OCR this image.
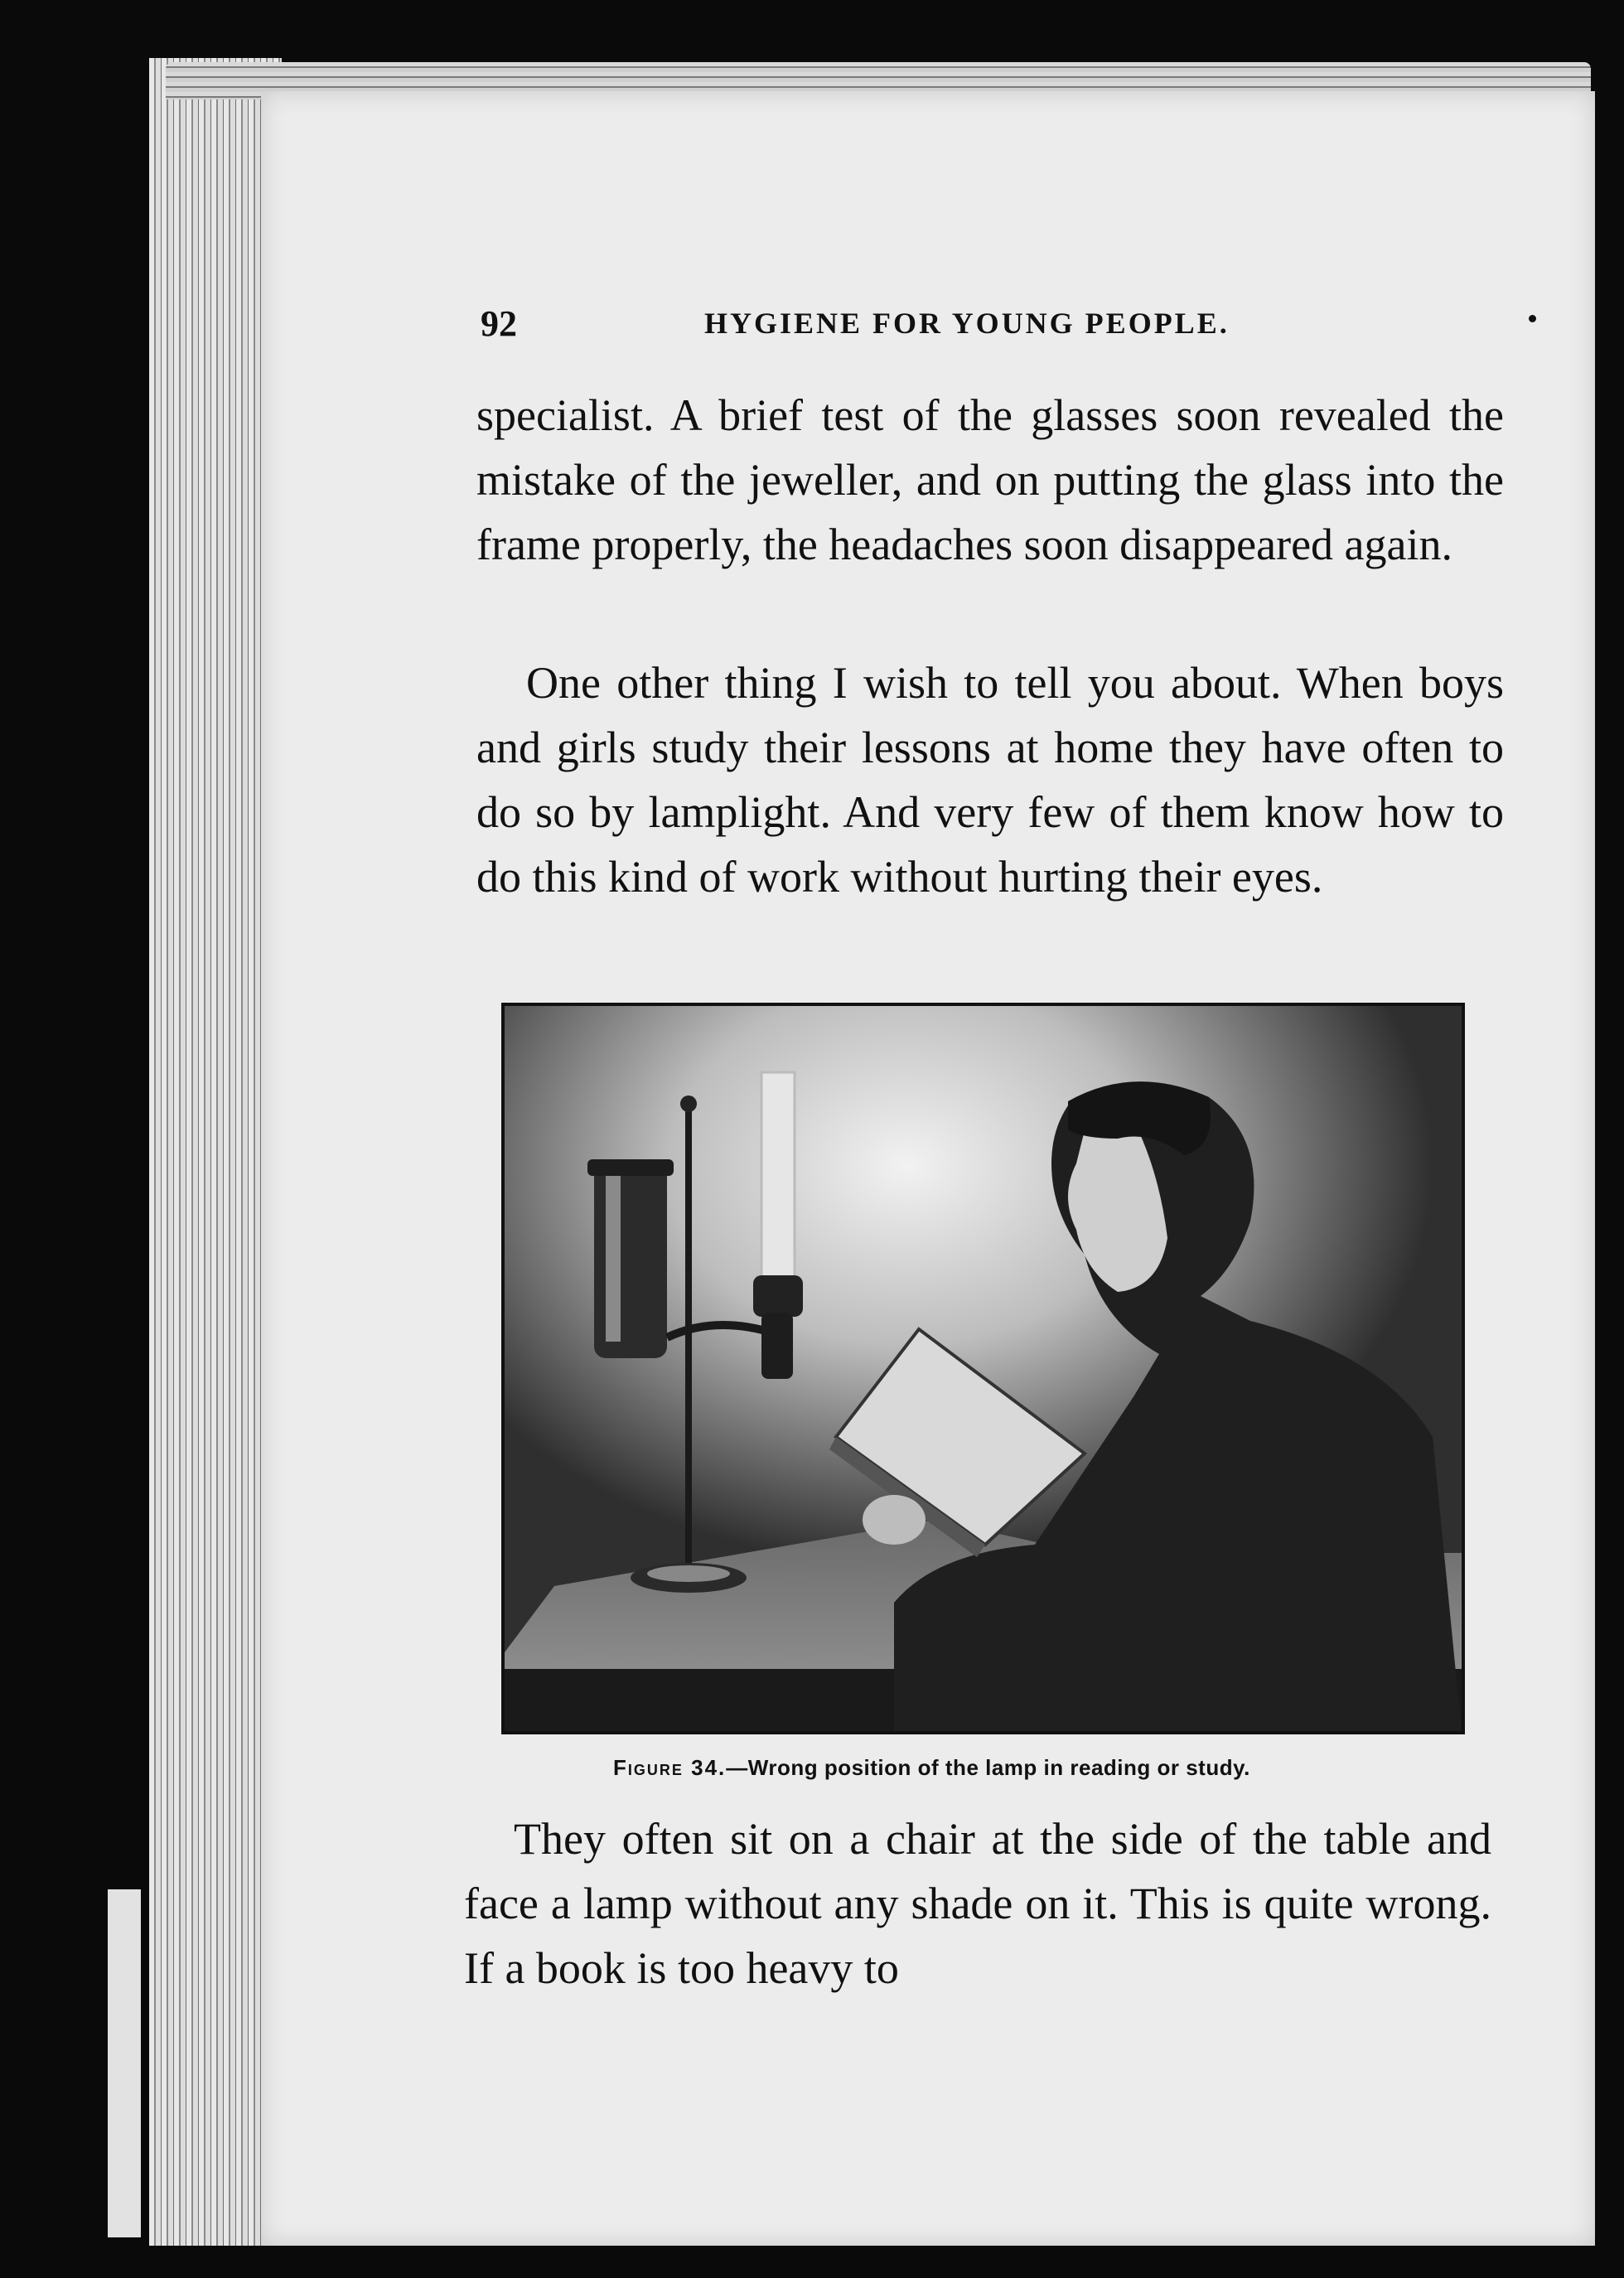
92	HYGIENE FOR YOUNG PEOPLE.

specialist. A brief test of the glasses soon revealed the mistake of the jeweller, and on putting the glass into the frame properly, the headaches soon disappeared again.

One other thing I wish to tell you about. When boys and girls study their lessons at home they have often to do so by lamplight. And very few of them know how to do this kind of work without hurting their eyes.

Figure 34.—Wrong position of the lamp in reading or study.

They often sit on a chair at the side of the table and face a lamp without any shade on it. This is quite wrong. If a book is too heavy to
